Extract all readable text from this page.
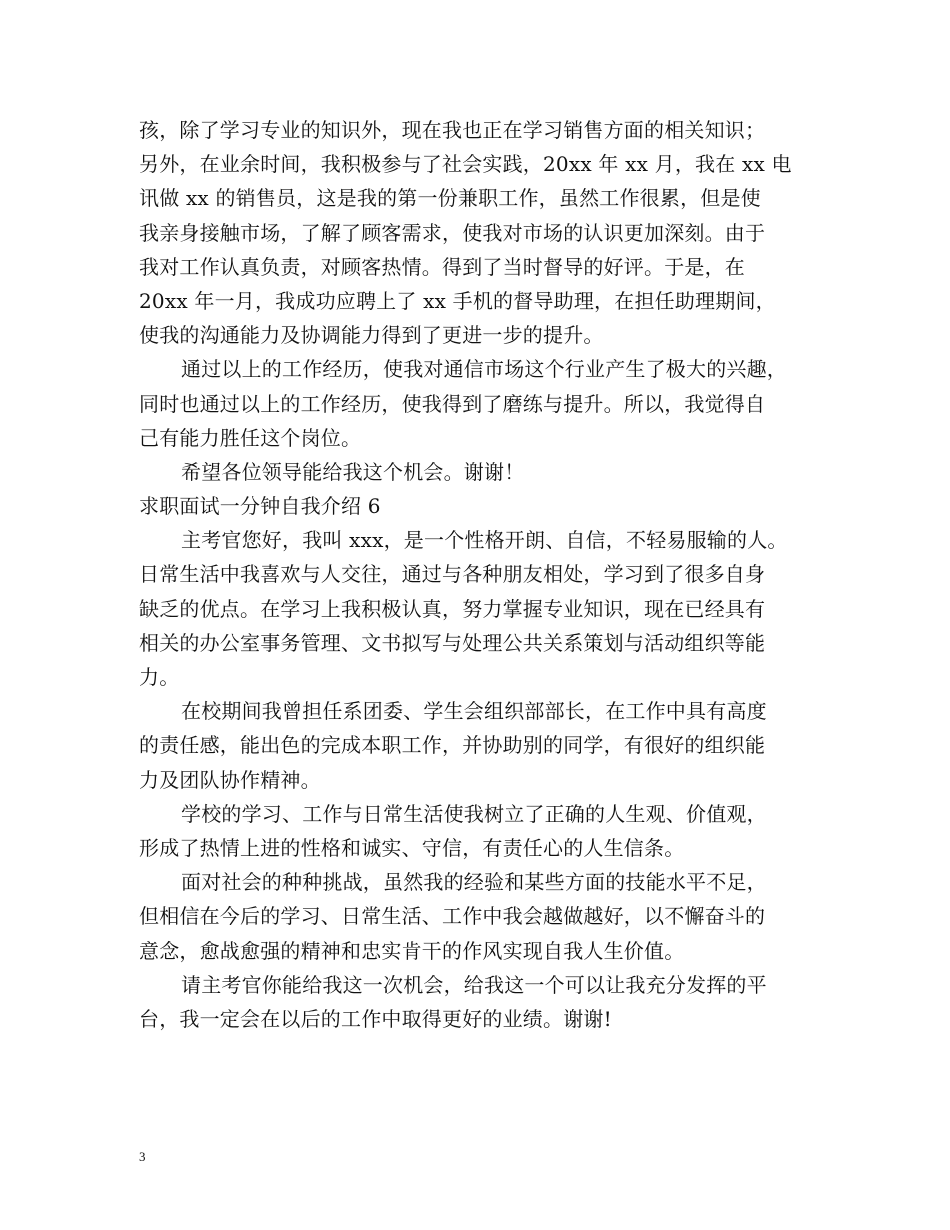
孩，除了学习专业的知识外，现在我也正在学习销售方面的相关知识；
另外，在业余时间，我积极参与了社会实践，20xx 年 xx 月，我在 xx 电
讯做 xx 的销售员，这是我的第一份兼职工作，虽然工作很累，但是使
我亲身接触市场，了解了顾客需求，使我对市场的认识更加深刻。由于
我对工作认真负责，对顾客热情。得到了当时督导的好评。于是，在
20xx 年一月，我成功应聘上了 xx 手机的督导助理，在担任助理期间，
使我的沟通能力及协调能力得到了更进一步的提升。
通过以上的工作经历，使我对通信市场这个行业产生了极大的兴趣，
同时也通过以上的工作经历，使我得到了磨练与提升。所以，我觉得自
己有能力胜任这个岗位。
希望各位领导能给我这个机会。谢谢！
求职面试一分钟自我介绍 6
主考官您好，我叫 xxx，是一个性格开朗、自信，不轻易服输的人。
日常生活中我喜欢与人交往，通过与各种朋友相处，学习到了很多自身
缺乏的优点。在学习上我积极认真，努力掌握专业知识，现在已经具有
相关的办公室事务管理、文书拟写与处理公共关系策划与活动组织等能
力。
在校期间我曾担任系团委、学生会组织部部长，在工作中具有高度
的责任感，能出色的完成本职工作，并协助别的同学，有很好的组织能
力及团队协作精神。
学校的学习、工作与日常生活使我树立了正确的人生观、价值观，
形成了热情上进的性格和诚实、守信，有责任心的人生信条。
面对社会的种种挑战，虽然我的经验和某些方面的技能水平不足，
但相信在今后的学习、日常生活、工作中我会越做越好，以不懈奋斗的
意念，愈战愈强的精神和忠实肯干的作风实现自我人生价值。
请主考官你能给我这一次机会，给我这一个可以让我充分发挥的平
台，我一定会在以后的工作中取得更好的业绩。谢谢!
3
